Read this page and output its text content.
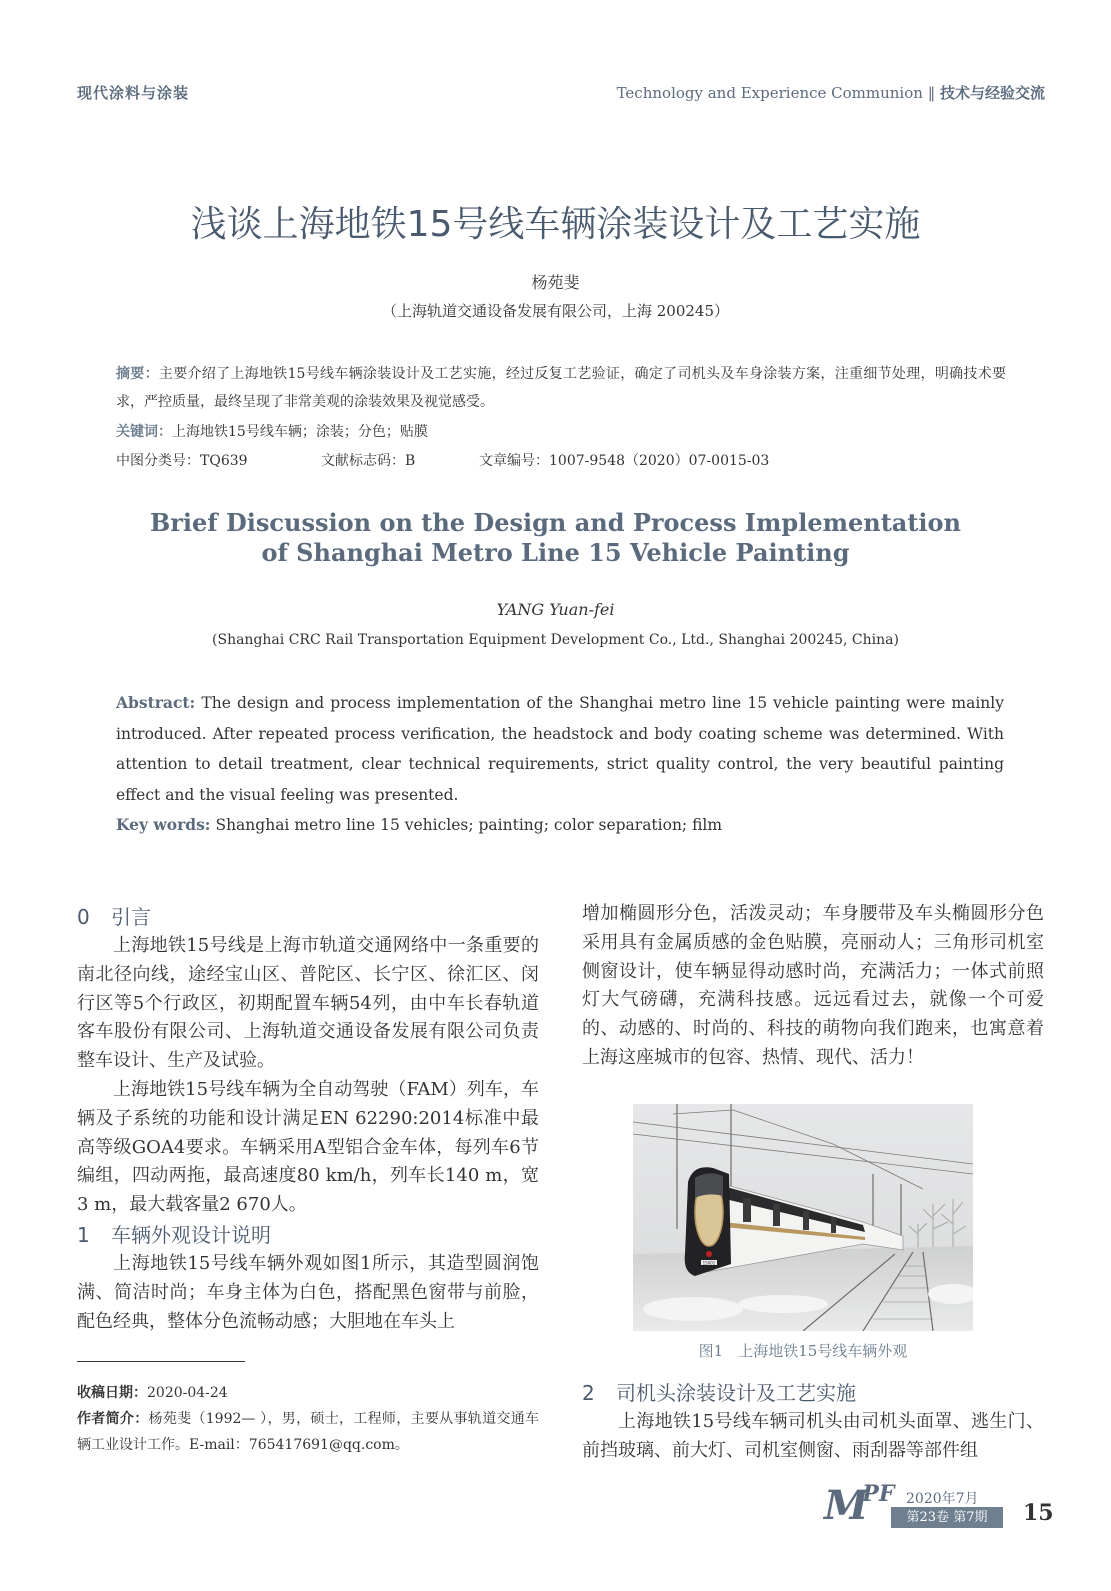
现代涂料与涂装	Technology and Experience Communion ‖ 技术与经验交流
浅谈上海地铁15号线车辆涂装设计及工艺实施
杨苑斐
（上海轨道交通设备发展有限公司，上海 200245）
摘要：主要介绍了上海地铁15号线车辆涂装设计及工艺实施，经过反复工艺验证，确定了司机头及车身涂装方案，注重细节处理，明确技术要求，严控质量，最终呈现了非常美观的涂装效果及视觉感受。
关键词：上海地铁15号线车辆；涂装；分色；贴膜
中图分类号：TQ639	文献标志码：B	文章编号：1007-9548（2020）07-0015-03
Brief Discussion on the Design and Process Implementation
of Shanghai Metro Line 15 Vehicle Painting
YANG Yuan-fei
(Shanghai CRC Rail Transportation Equipment Development Co., Ltd., Shanghai 200245, China)
Abstract: The design and process implementation of the Shanghai metro line 15 vehicle painting were mainly introduced. After repeated process verification, the headstock and body coating scheme was determined. With attention to detail treatment, clear technical requirements, strict quality control, the very beautiful painting effect and the visual feeling was presented.
Key words: Shanghai metro line 15 vehicles; painting; color separation; film
0 引言

上海地铁15号线是上海市轨道交通网络中一条重要的南北径向线，途经宝山区、普陀区、长宁区、徐汇区、闵行区等5个行政区，初期配置车辆54列，由中车长春轨道客车股份有限公司、上海轨道交通设备发展有限公司负责整车设计、生产及试验。

上海地铁15号线车辆为全自动驾驶（FAM）列车，车辆及子系统的功能和设计满足EN 62290:2014标准中最高等级GOA4要求。车辆采用A型铝合金车体，每列车6节编组，四动两拖，最高速度80 km/h，列车长140 m，宽3 m，最大载客量2 670人。

1 车辆外观设计说明

上海地铁15号线车辆外观如图1所示，其造型圆润饱满、简洁时尚；车身主体为白色，搭配黑色窗带与前脸，配色经典，整体分色流畅动感；大胆地在车头上

收稿日期：2020-04-24
作者简介：杨苑斐（1992— ），男，硕士，工程师，主要从事轨道交通车辆工业设计工作。E-mail：765417691@qq.com。

增加椭圆形分色，活泼灵动；车身腰带及车头椭圆形分色采用具有金属质感的金色贴膜，亮丽动人；三角形司机室侧窗设计，使车辆显得动感时尚，充满活力；一体式前照灯大气磅礴，充满科技感。远远看过去，就像一个可爱的、动感的、时尚的、科技的萌物向我们跑来，也寓意着上海这座城市的包容、热情、现代、活力！

15001
图1　上海地铁15号线车辆外观
2 司机头涂装设计及工艺实施

上海地铁15号线车辆司机头由司机头面罩、逃生门、前挡玻璃、前大灯、司机室侧窗、雨刮器等部件组

$M^{PF}$ 2020年7月
第23卷 第7期	15
